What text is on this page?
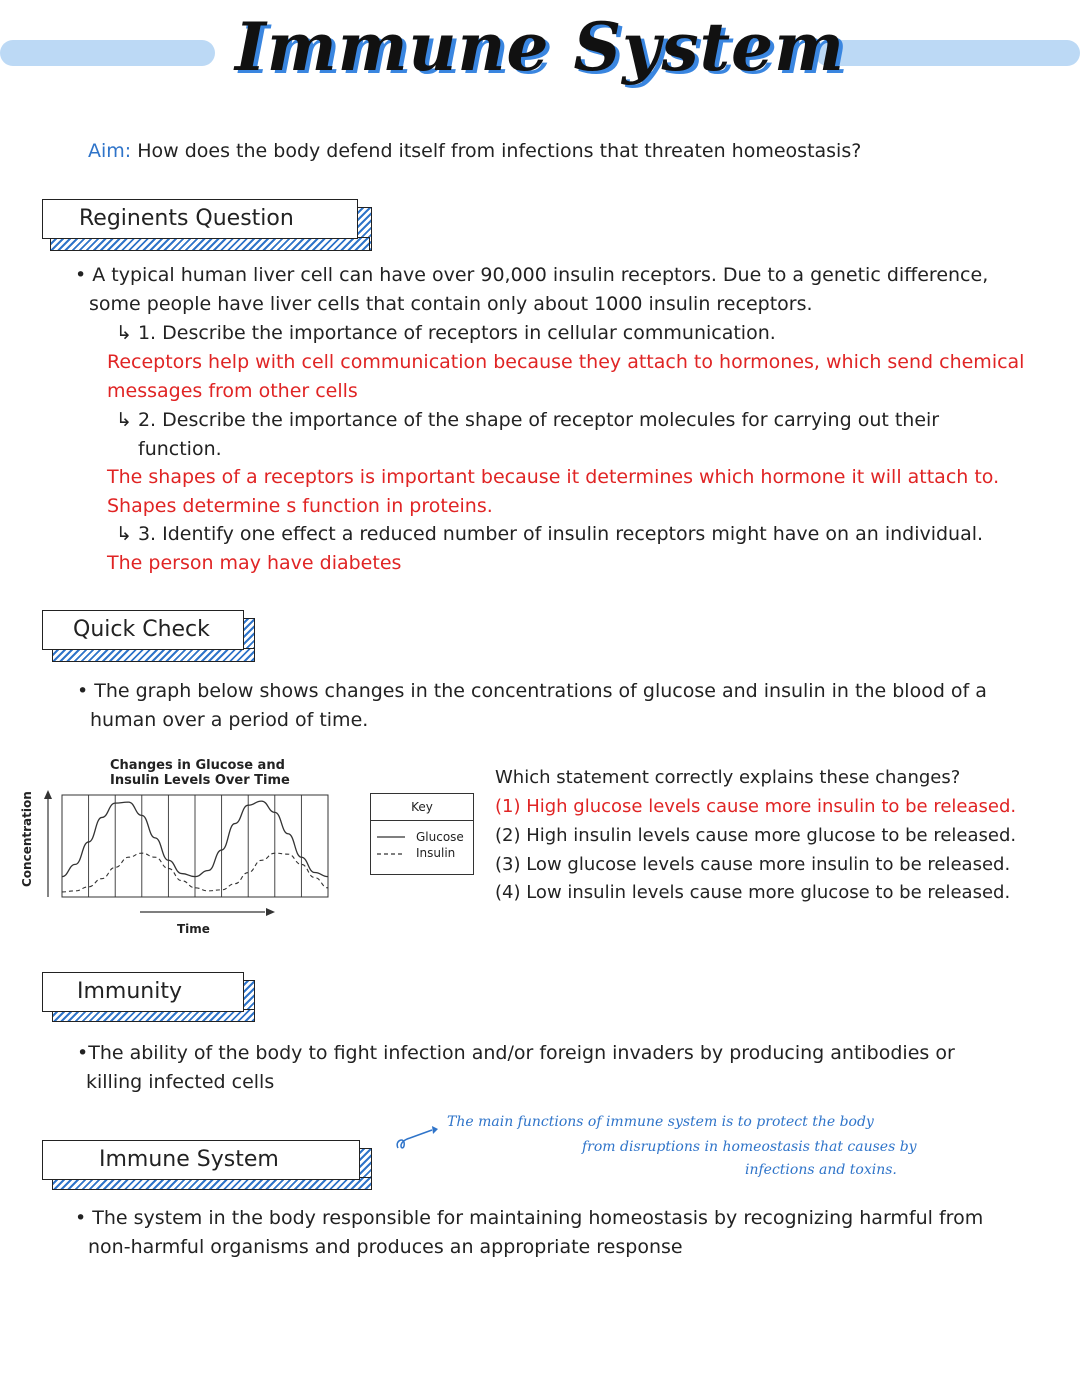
Immune System
Aim: How does the body defend itself from infections that threaten homeostasis?
Reginents Question
• A typical human liver cell can have over 90,000 insulin receptors. Due to a genetic difference,
some people have liver cells that contain only about 1000 insulin receptors.
↳ 1. Describe the importance of receptors in cellular communication.
Receptors help with cell communication because they attach to hormones, which send chemical
messages from other cells
↳ 2. Describe the importance of the shape of receptor molecules for carrying out their
function.
The shapes of a receptors is important because it determines which hormone it will attach to.
Shapes determine s function in proteins.
↳ 3. Identify one effect a reduced number of insulin receptors might have on an individual.
The person may have diabetes
Quick Check
• The graph below shows changes in the concentrations of glucose and insulin in the blood of a
human over a period of time.
Changes in Glucose and
Insulin Levels Over Time
Concentration
Time
Key
Glucose
Insulin
Which statement correctly explains these changes?
(1) High glucose levels cause more insulin to be released.
(2) High insulin levels cause more glucose to be released.
(3) Low glucose levels cause more insulin to be released.
(4) Low insulin levels cause more glucose to be released.
Immunity
•The ability of the body to fight infection and/or foreign invaders by producing antibodies or
killing infected cells
Immune System
The main functions of immune system is to protect the body
from disruptions in homeostasis that causes by
infections and toxins.
• The system in the body responsible for maintaining homeostasis by recognizing harmful from
non-harmful organisms and produces an appropriate response
